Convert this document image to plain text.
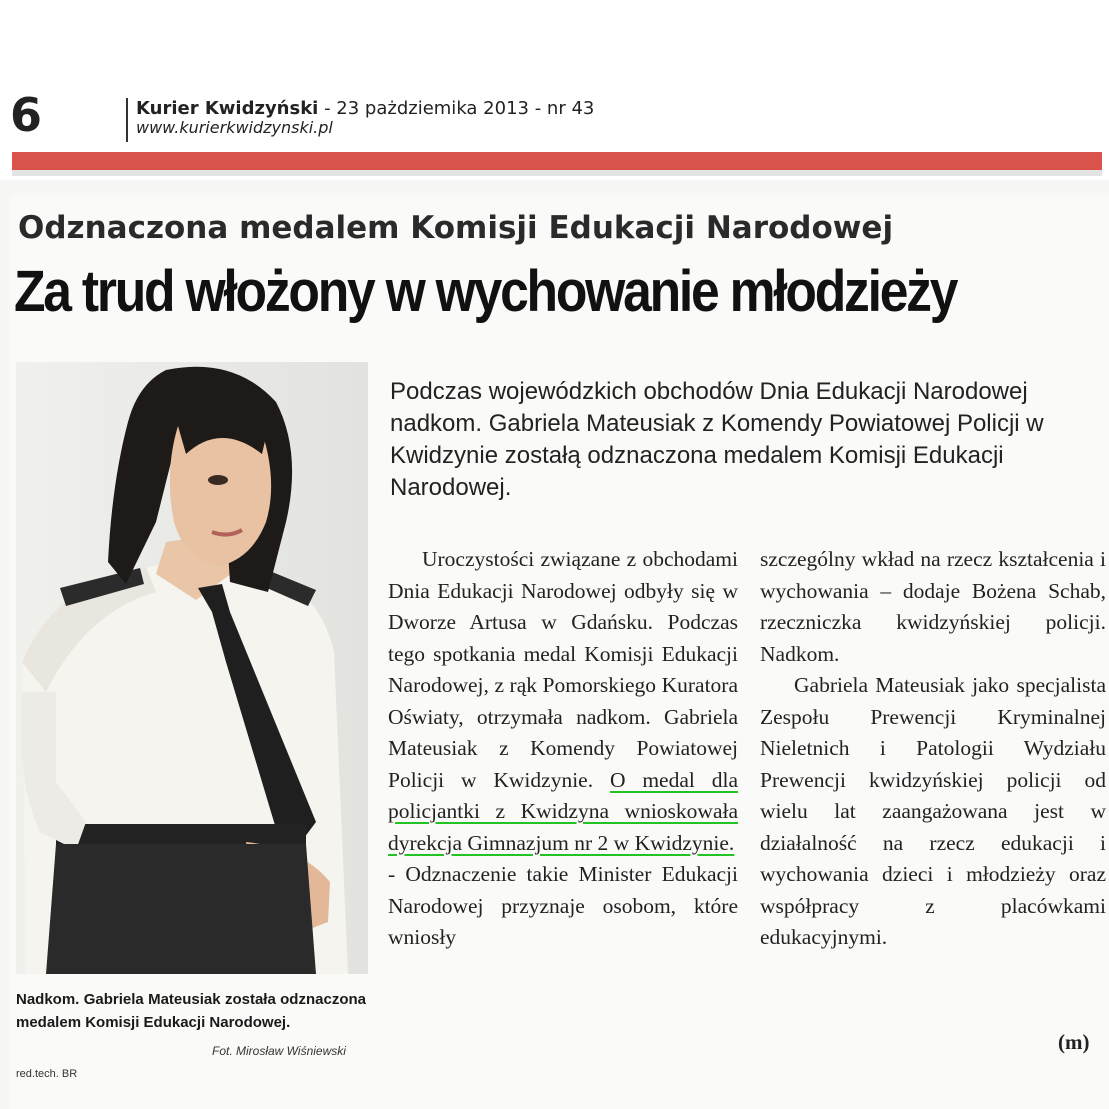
6	Kurier Kwidzyński - 23 pażdziemika 2013 - nr 43
www.kurierkwidzynski.pl
Odznaczona medalem Komisji Edukacji Narodowej
Za trud włożony w wychowanie młodzieży
Nadkom. Gabriela Mateusiak została odznaczona medalem Komisji Edukacji Narodowej.
Fot. Mirosław Wiśniewski
red.tech. BR
Podczas wojewódzkich obchodów Dnia Edukacji Narodowej nadkom. Gabriela Mateusiak z Komendy Powiatowej Policji w Kwidzynie zostałą odznaczona medalem Komisji Edukacji Narodowej.

Uroczystości związane z obchodami Dnia Edukacji Narodowej odbyły się w Dworze Artusa w Gdańsku. Podczas tego spotkania medal Komisji Edukacji Narodowej, z rąk Pomorskiego Kuratora Oświaty, otrzymała nadkom. Gabriela Mateusiak z Komendy Powiatowej Policji w Kwidzynie. O medal dla policjantki z Kwidzyna wnioskowała dyrekcja Gimnazjum nr 2 w Kwidzynie.

- Odznaczenie takie Minister Edukacji Narodowej przyznaje osobom, które wniosły

szczególny wkład na rzecz kształcenia i wychowania – dodaje Bożena Schab, rzeczniczka kwidzyńskiej policji. Nadkom.

Gabriela Mateusiak jako specjalista Zespołu Prewencji Kryminalnej Nieletnich i Patologii Wydziału Prewencji kwidzyńskiej policji od wielu lat zaangażowana jest w działalność na rzecz edukacji i wychowania dzieci i młodzieży oraz współpracy z placówkami edukacyjnymi.

(m)
